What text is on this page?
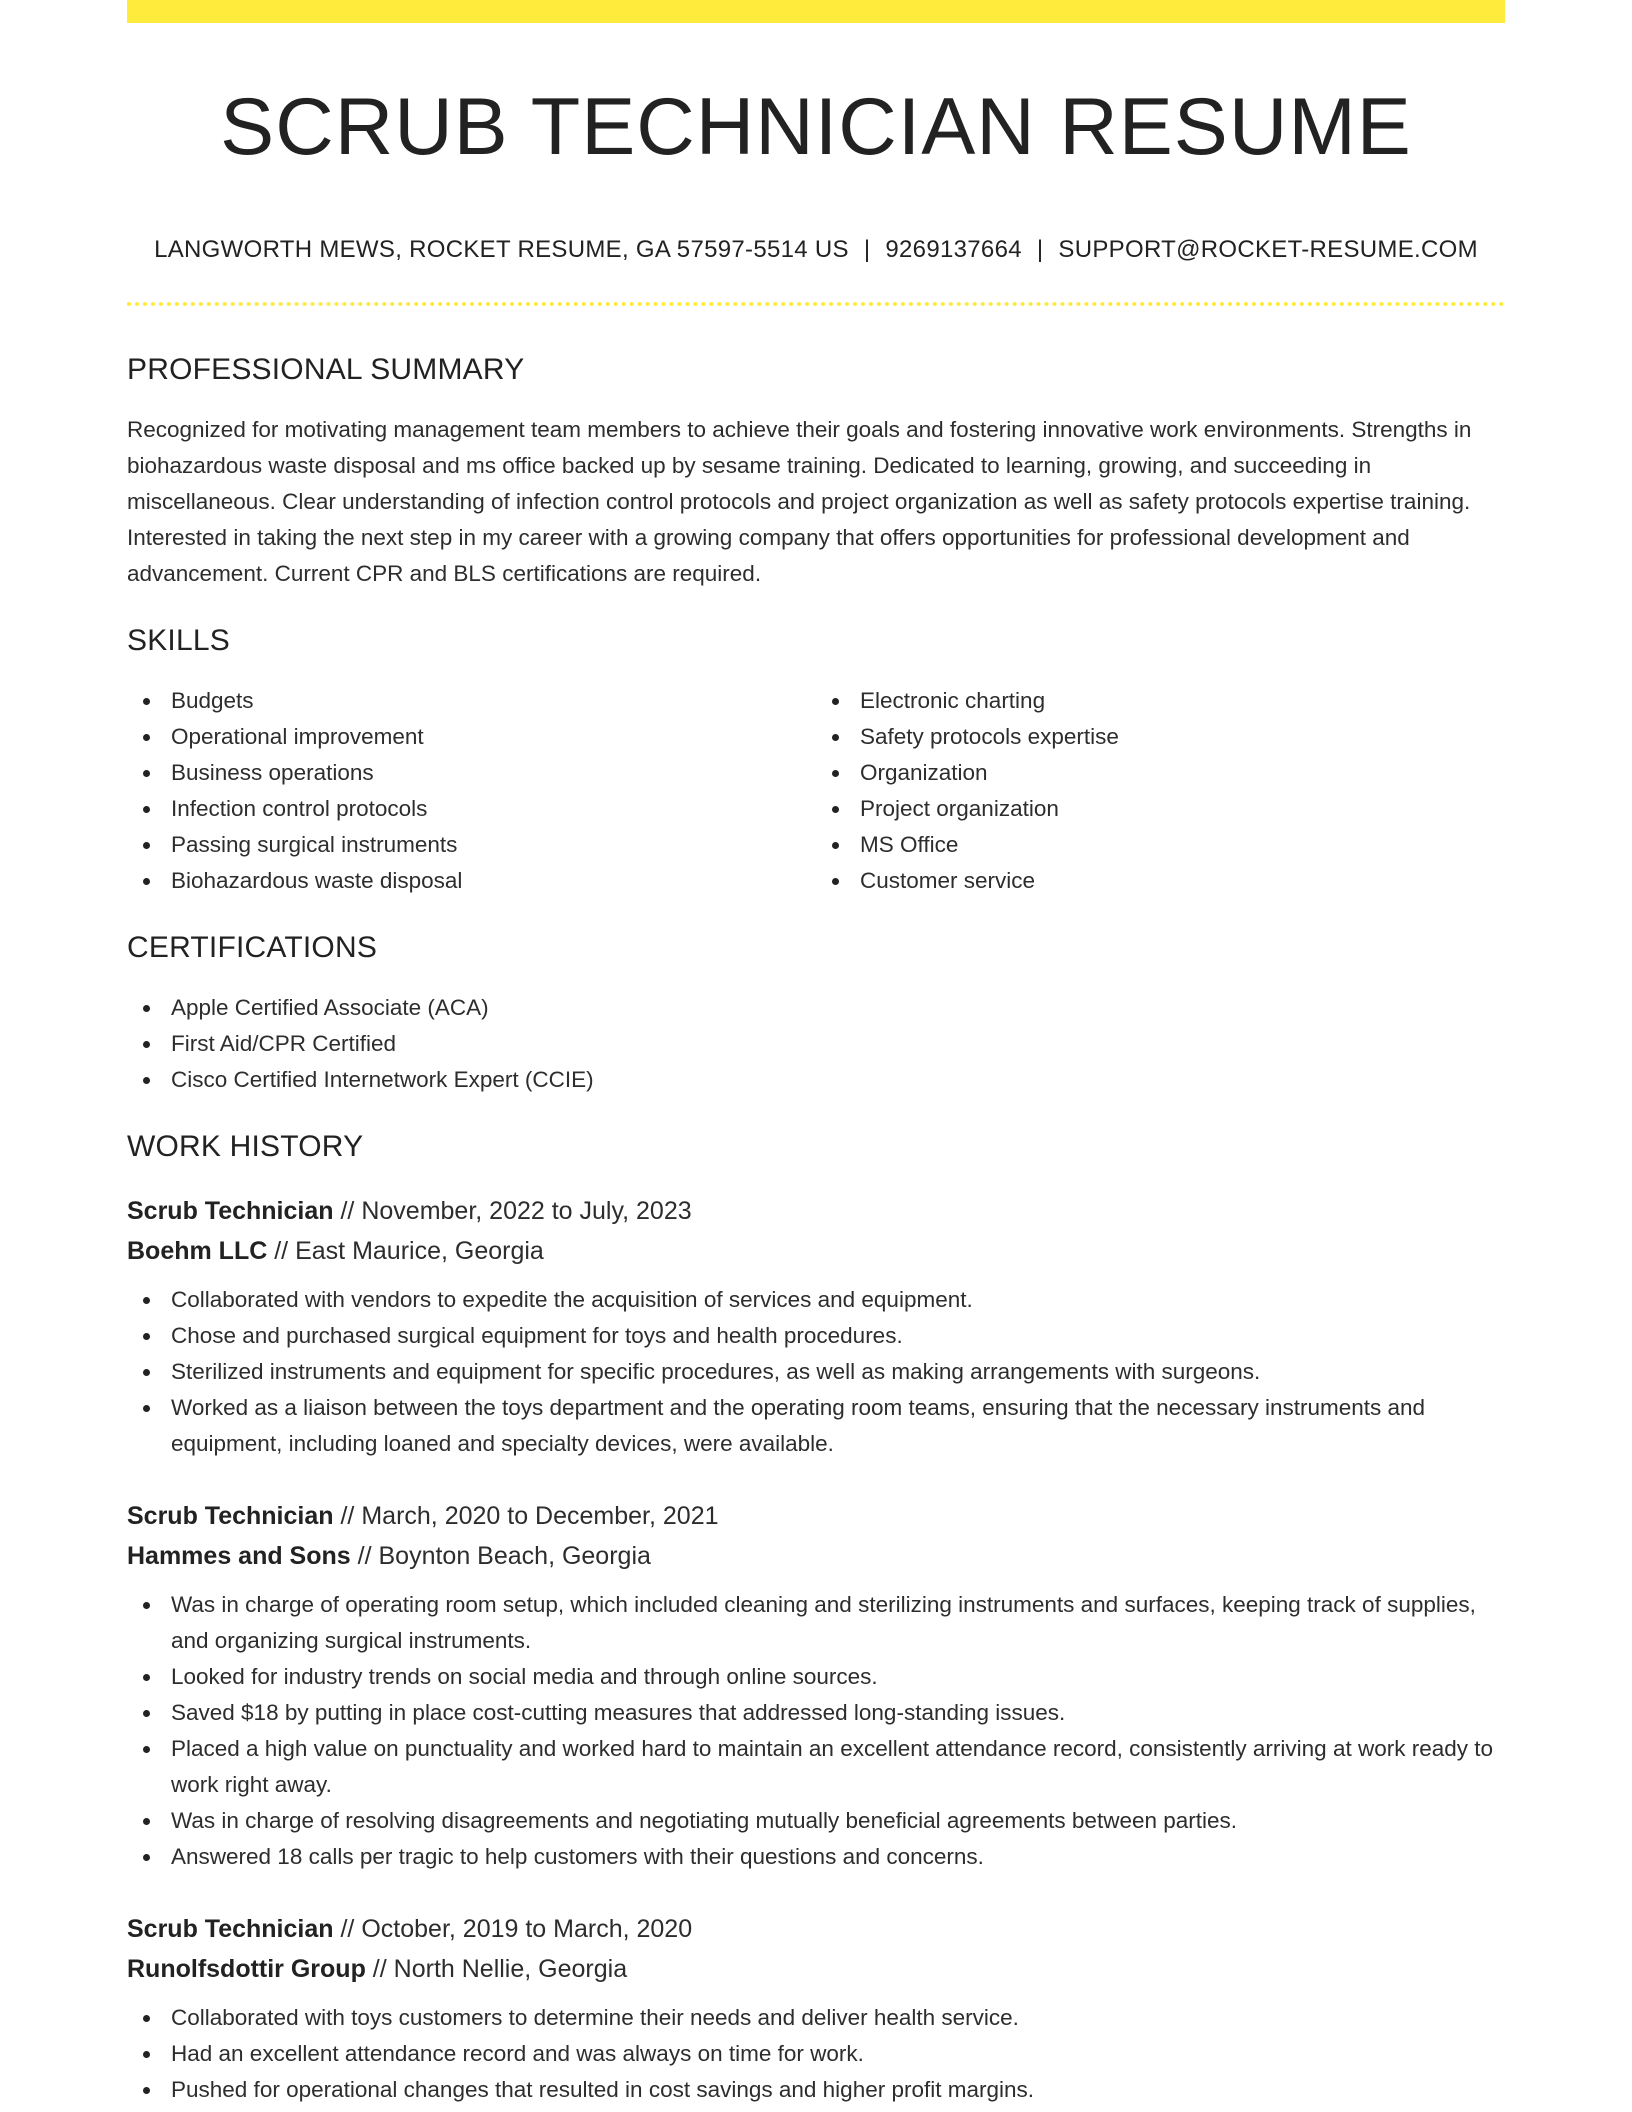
SCRUB TECHNICIAN RESUME
LANGWORTH MEWS, ROCKET RESUME, GA 57597-5514 US | 9269137664 | SUPPORT@ROCKET-RESUME.COM
PROFESSIONAL SUMMARY

Recognized for motivating management team members to achieve their goals and fostering innovative work environments. Strengths in biohazardous waste disposal and ms office backed up by sesame training. Dedicated to learning, growing, and succeeding in miscellaneous. Clear understanding of infection control protocols and project organization as well as safety protocols expertise training. Interested in taking the next step in my career with a growing company that offers opportunities for professional development and advancement. Current CPR and BLS certifications are required.

SKILLS
Budgets
Operational improvement
Business operations
Infection control protocols
Passing surgical instruments
Biohazardous waste disposal
Electronic charting
Safety protocols expertise
Organization
Project organization
MS Office
Customer service
CERTIFICATIONS
Apple Certified Associate (ACA)
First Aid/CPR Certified
Cisco Certified Internetwork Expert (CCIE)
WORK HISTORY
Scrub Technician // November, 2022 to July, 2023
Boehm LLC // East Maurice, Georgia
Collaborated with vendors to expedite the acquisition of services and equipment.
Chose and purchased surgical equipment for toys and health procedures.
Sterilized instruments and equipment for specific procedures, as well as making arrangements with surgeons.
Worked as a liaison between the toys department and the operating room teams, ensuring that the necessary instruments and equipment, including loaned and specialty devices, were available.
Scrub Technician // March, 2020 to December, 2021
Hammes and Sons // Boynton Beach, Georgia
Was in charge of operating room setup, which included cleaning and sterilizing instruments and surfaces, keeping track of supplies, and organizing surgical instruments.
Looked for industry trends on social media and through online sources.
Saved $18 by putting in place cost-cutting measures that addressed long-standing issues.
Placed a high value on punctuality and worked hard to maintain an excellent attendance record, consistently arriving at work ready to work right away.
Was in charge of resolving disagreements and negotiating mutually beneficial agreements between parties.
Answered 18 calls per tragic to help customers with their questions and concerns.
Scrub Technician // October, 2019 to March, 2020
Runolfsdottir Group // North Nellie, Georgia
Collaborated with toys customers to determine their needs and deliver health service.
Had an excellent attendance record and was always on time for work.
Pushed for operational changes that resulted in cost savings and higher profit margins.
